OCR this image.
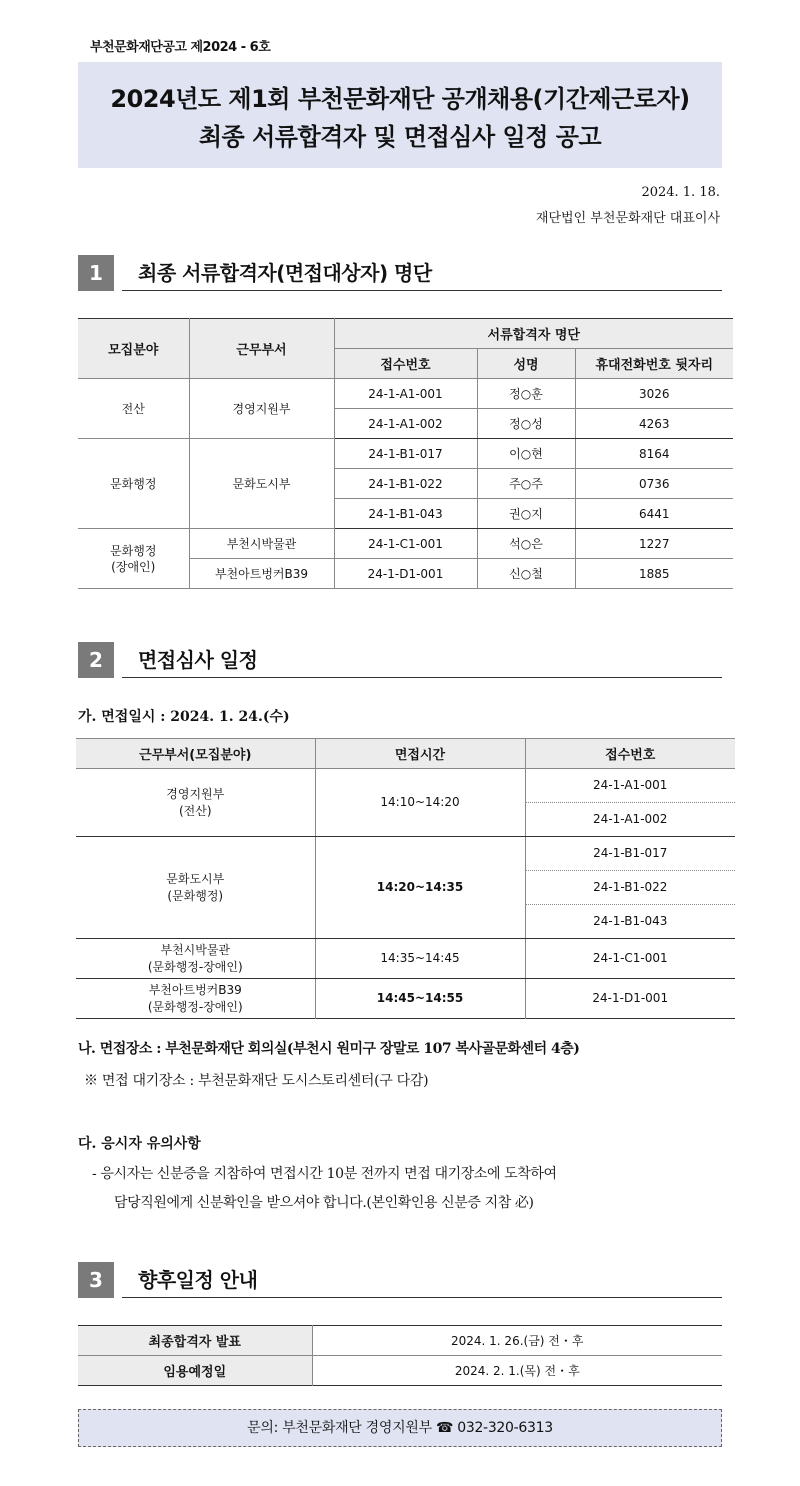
부천문화재단공고 제2024 - 6호
2024년도 제1회 부천문화재단 공개채용(기간제근로자)
최종 서류합격자 및 면접심사 일정 공고
2024. 1. 18.
재단법인 부천문화재단 대표이사
1	최종 서류합격자(면접대상자) 명단
모집분야	근무부서	서류합격자 명단		
		접수번호	성명	휴대전화번호 뒷자리
전산	경영지원부	24-1-A1-001	정○훈	3026
		24-1-A1-002	정○성	4263
문화행정	문화도시부	24-1-B1-017	이○현	8164
		24-1-B1-022	주○주	0736
		24-1-B1-043	권○지	6441

문화행정
(장애인)	부천시박물관	24-1-C1-001	석○은	1227
	부천아트벙커B39	24-1-D1-001	신○철	1885
2	면접심사 일정
가. 면접일시 : 2024. 1. 24.(수)
근무부서(모집분야)	면접시간	접수번호

경영지원부
(전산)	14:10~14:20	24-1-A1-001
		24-1-A1-002

문화도시부
(문화행정)	14:20~14:35	24-1-B1-017
		24-1-B1-022
		24-1-B1-043

부천시박물관
(문화행정-장애인)	14:35~14:45	24-1-C1-001

부천아트벙커B39
(문화행정-장애인)	14:45~14:55	24-1-D1-001
나. 면접장소 : 부천문화재단 회의실(부천시 원미구 장말로 107 복사골문화센터 4층)
※ 면접 대기장소 : 부천문화재단 도시스토리센터(구 다감)
다. 응시자 유의사항
- 응시자는 신분증을 지참하여 면접시간 10분 전까지 면접 대기장소에 도착하여
담당직원에게 신분확인을 받으셔야 합니다.(본인확인용 신분증 지참 必)
3	향후일정 안내
최종합격자 발표	2024. 1. 26.(금) 전・후
임용예정일	2024. 2. 1.(목) 전・후
문의: 부천문화재단 경영지원부 ☎ 032-320-6313
